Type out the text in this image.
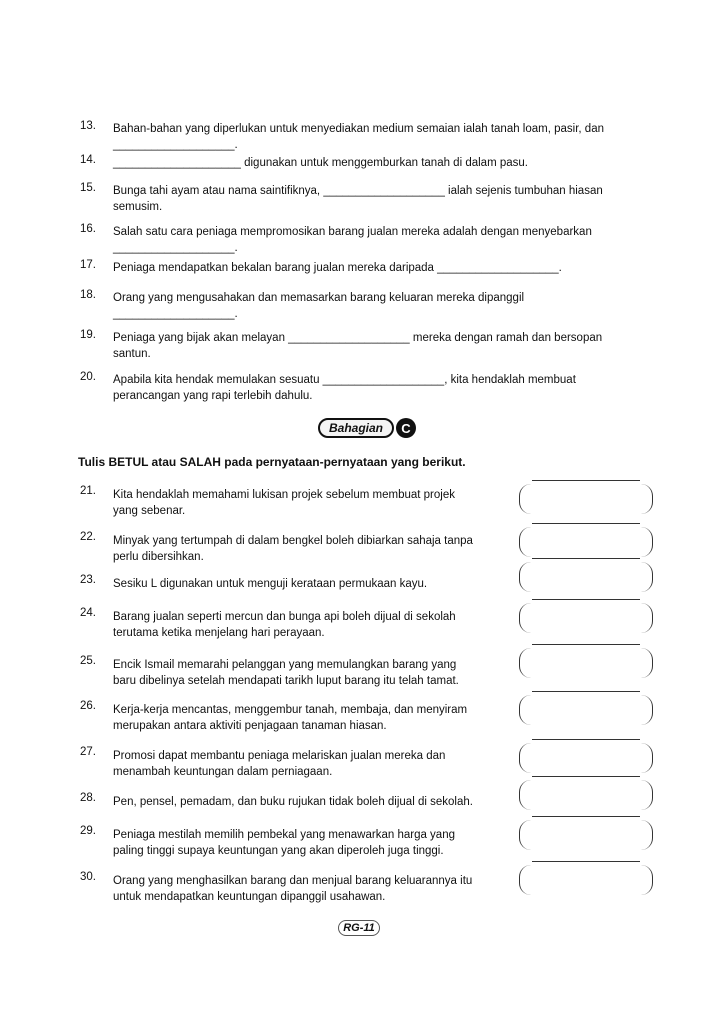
13. Bahan-bahan yang diperlukan untuk menyediakan medium semaian ialah tanah loam, pasir, dan
___________________.
14. ____________________ digunakan untuk menggemburkan tanah di dalam pasu.
15. Bunga tahi ayam atau nama saintifiknya, ___________________ ialah sejenis tumbuhan hiasan
semusim.
16. Salah satu cara peniaga mempromosikan barang jualan mereka adalah dengan menyebarkan
___________________.
17. Peniaga mendapatkan bekalan barang jualan mereka daripada ___________________.
18. Orang yang mengusahakan dan memasarkan barang keluaran mereka dipanggil
___________________.
19. Peniaga yang bijak akan melayan ___________________ mereka dengan ramah dan bersopan
santun.
20. Apabila kita hendak memulakan sesuatu ___________________, kita hendaklah membuat
perancangan yang rapi terlebih dahulu.
Bahagian	C
Tulis BETUL atau SALAH pada pernyataan-pernyataan yang berikut.
21. Kita hendaklah memahami lukisan projek sebelum membuat projek
yang sebenar.
22. Minyak yang tertumpah di dalam bengkel boleh dibiarkan sahaja tanpa
perlu dibersihkan.
23. Sesiku L digunakan untuk menguji kerataan permukaan kayu.
24. Barang jualan seperti mercun dan bunga api boleh dijual di sekolah
terutama ketika menjelang hari perayaan.
25. Encik Ismail memarahi pelanggan yang memulangkan barang yang
baru dibelinya setelah mendapati tarikh luput barang itu telah tamat.
26. Kerja-kerja mencantas, menggembur tanah, membaja, dan menyiram
merupakan antara aktiviti penjagaan tanaman hiasan.
27. Promosi dapat membantu peniaga melariskan jualan mereka dan
menambah keuntungan dalam perniagaan.
28. Pen, pensel, pemadam, dan buku rujukan tidak boleh dijual di sekolah.
29. Peniaga mestilah memilih pembekal yang menawarkan harga yang
paling tinggi supaya keuntungan yang akan diperoleh juga tinggi.
30. Orang yang menghasilkan barang dan menjual barang keluarannya itu
untuk mendapatkan keuntungan dipanggil usahawan.
RG-11
